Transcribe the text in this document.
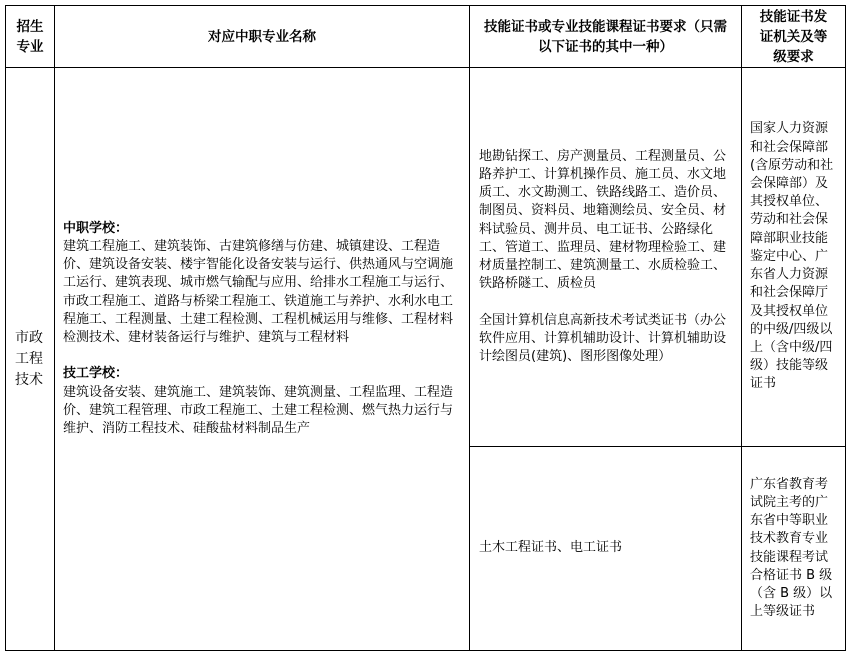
招生专业
对应中职专业名称
技能证书或专业技能课程证书要求（只需以下证书的其中一种）
技能证书发证机关及等级要求
市政工程技术

中职学校：

建筑工程施工、建筑装饰、古建筑修缮与仿建、城镇建设、工程造价、建筑设备安装、楼宇智能化设备安装与运行、供热通风与空调施工运行、建筑表现、城市燃气输配与应用、给排水工程施工与运行、市政工程施工、道路与桥梁工程施工、铁道施工与养护、水利水电工程施工、工程测量、土建工程检测、工程机械运用与维修、工程材料检测技术、建材装备运行与维护、建筑与工程材料

技工学校：

建筑设备安装、建筑施工、建筑装饰、建筑测量、工程监理、工程造价、建筑工程管理、市政工程施工、土建工程检测、燃气热力运行与维护、消防工程技术、硅酸盐材料制品生产

地勘钻探工、房产测量员、工程测量员、公路养护工、计算机操作员、施工员、水文地质工、水文勘测工、铁路线路工、造价员、制图员、资料员、地籍测绘员、安全员、材料试验员、测井员、电工证书、公路绿化工、管道工、监理员、建材物理检验工、建材质量控制工、建筑测量工、水质检验工、铁路桥隧工、质检员

全国计算机信息高新技术考试类证书（办公软件应用、计算机辅助设计、计算机辅助设计绘图员(建筑)、图形图像处理）

国家人力资源和社会保障部(含原劳动和社会保障部）及其授权单位、劳动和社会保障部职业技能鉴定中心、广东省人力资源和社会保障厅及其授权单位的中级/四级以上（含中级/四级）技能等级证书

土木工程证书、电工证书

广东省教育考试院主考的广东省中等职业技术教育专业技能课程考试合格证书 B 级（含 B 级）以上等级证书
